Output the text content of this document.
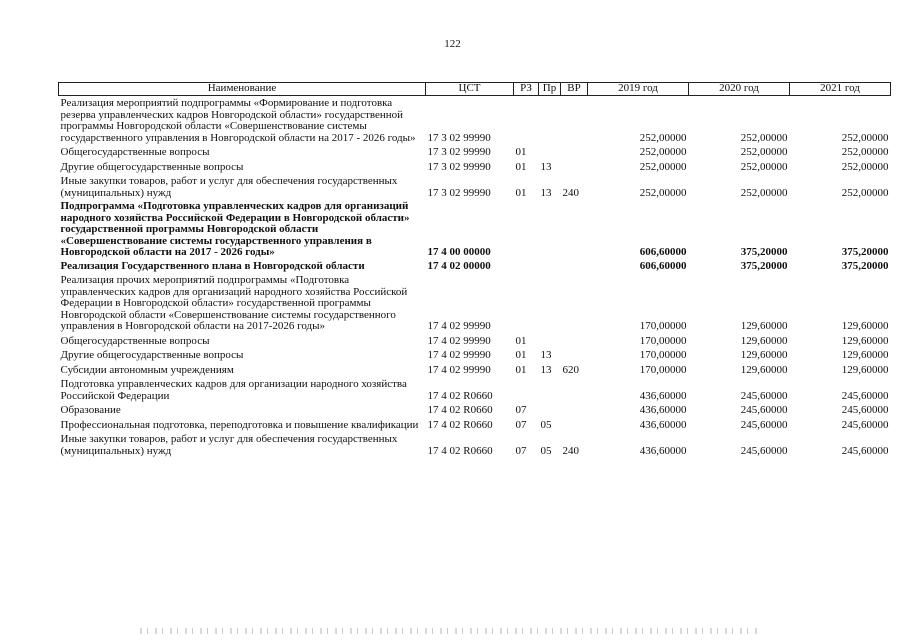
122
Наименование	ЦСТ	РЗ	Пр	ВР	2019 год	2020 год	2021 год
Реализация мероприятий подпрограммы «Формирование и подготовка резерва управленческих кадров Новгородской области» государственной программы Новгородской области «Совершенствование системы государственного управления в Новгородской области на 2017 - 2026 годы»	17 3 02 99990				252,00000	252,00000	252,00000
Общегосударственные вопросы	17 3 02 99990	01			252,00000	252,00000	252,00000
Другие общегосударственные вопросы	17 3 02 99990	01	13		252,00000	252,00000	252,00000
Иные закупки товаров, работ и услуг для обеспечения государственных (муниципальных) нужд	17 3 02 99990	01	13	240	252,00000	252,00000	252,00000
Подпрограмма «Подготовка управленческих кадров для организаций народного хозяйства Российской Федерации в Новгородской области» государственной программы Новгородской области «Совершенствование системы государственного управления в Новгородской области на 2017 - 2026 годы»	17 4 00 00000				606,60000	375,20000	375,20000
Реализация Государственного плана в Новгородской области	17 4 02 00000				606,60000	375,20000	375,20000
Реализация прочих мероприятий подпрограммы «Подготовка управленческих кадров для организаций народного хозяйства Российской Федерации в Новгородской области» государственной программы Новгородской области «Совершенствование системы государственного управления в Новгородской области на 2017-2026 годы»	17 4 02 99990				170,00000	129,60000	129,60000
Общегосударственные вопросы	17 4 02 99990	01			170,00000	129,60000	129,60000
Другие общегосударственные вопросы	17 4 02 99990	01	13		170,00000	129,60000	129,60000
Субсидии автономным учреждениям	17 4 02 99990	01	13	620	170,00000	129,60000	129,60000
Подготовка управленческих кадров для организации народного хозяйства Российской Федерации	17 4 02 R0660				436,60000	245,60000	245,60000
Образование	17 4 02 R0660	07			436,60000	245,60000	245,60000
Профессиональная подготовка, переподготовка и повышение квалификации	17 4 02 R0660	07	05		436,60000	245,60000	245,60000
Иные закупки товаров, работ и услуг для обеспечения государственных (муниципальных) нужд	17 4 02 R0660	07	05	240	436,60000	245,60000	245,60000
